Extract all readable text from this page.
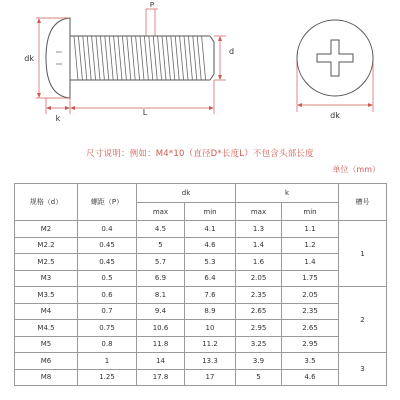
P
dk
d
k
L	dk
尺寸说明：例如：M4*10（直径D*长度L）不包含头部长度
单位（mm）
规格（d）	螺距（P）	dk		k		槽号
		max	min	max	min	
M2	0.4	4.5	4.1	1.3	1.1	1
M2.2	0.45	5	4.6	1.4	1.2	
M2.5	0.45	5.7	5.3	1.6	1.4	
M3	0.5	6.9	6.4	2.05	1.75	
M3.5	0.6	8.1	7.6	2.35	2.05	2
M4	0.7	9.4	8.9	2.65	2.35	
M4.5	0.75	10.6	10	2.95	2.65	
M5	0.8	11.8	11.2	3.25	2.95	
M6	1	14	13.3	3.9	3.5	3
M8	1.25	17.8	17	5	4.6	
